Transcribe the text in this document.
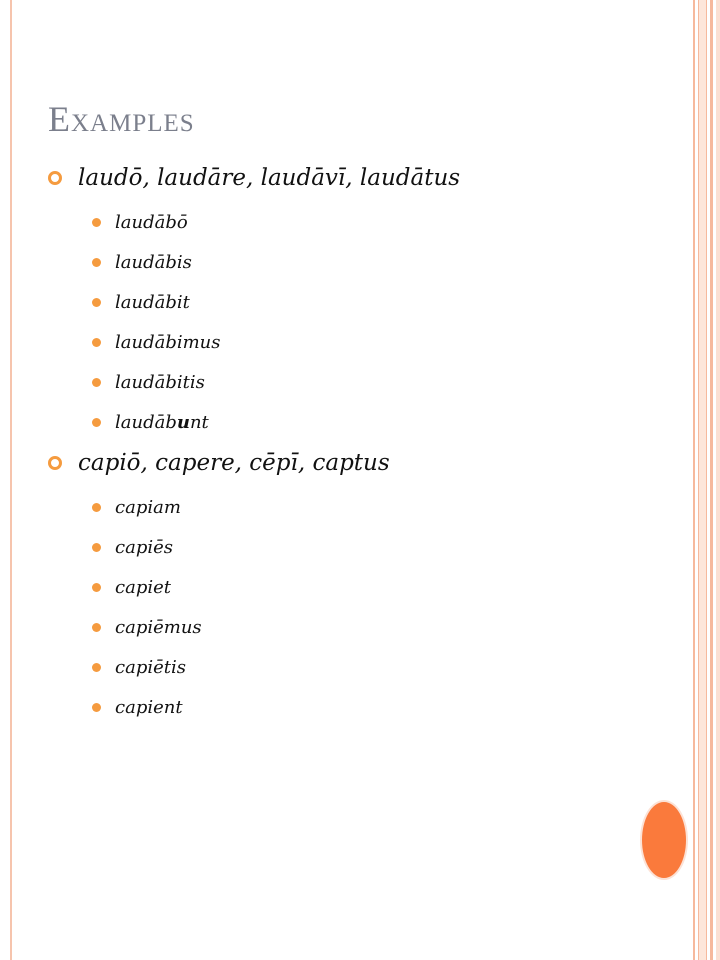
Examples
laudō, laudāre, laudāvī, laudātus
laudābō
laudābis
laudābit
laudābimus
laudābitis
laudābunt
capiō, capere, cēpī, captus
capiam
capiēs
capiet
capiēmus
capiētis
capient
